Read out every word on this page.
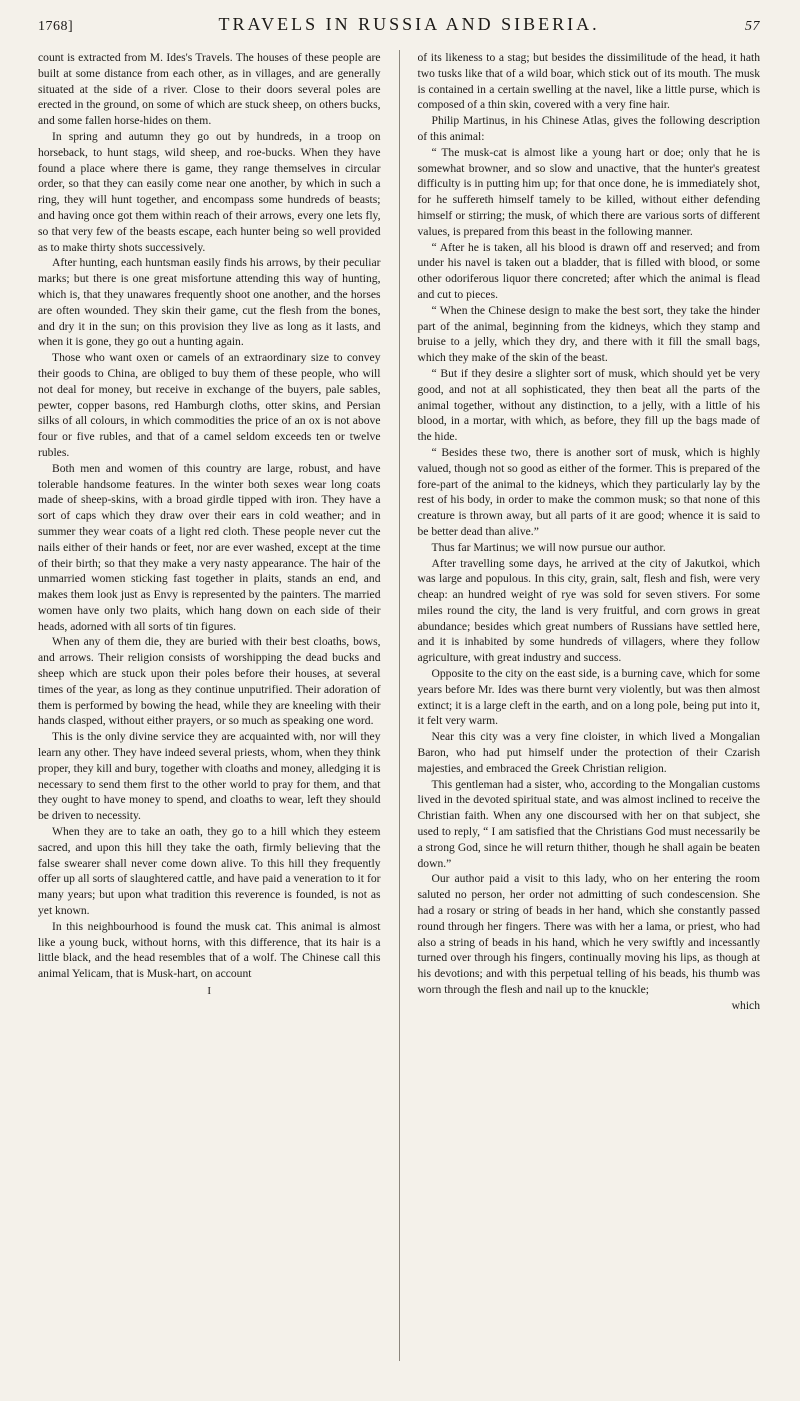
1768]	TRAVELS IN RUSSIA AND SIBERIA.	57

count is extracted from M. Ides's Travels. The houses of these people are built at some distance from each other, as in villages, and are generally situated at the side of a river. Close to their doors several poles are erected in the ground, on some of which are stuck sheep, on others bucks, and some fallen horse-hides on them.

In spring and autumn they go out by hundreds, in a troop on horseback, to hunt stags, wild sheep, and roe-bucks. When they have found a place where there is game, they range themselves in circular order, so that they can easily come near one another, by which in such a ring, they will hunt together, and encompass some hundreds of beasts; and having once got them within reach of their arrows, every one lets fly, so that very few of the beasts escape, each hunter being so well provided as to make thirty shots successively.

After hunting, each huntsman easily finds his arrows, by their peculiar marks; but there is one great misfortune attending this way of hunting, which is, that they unawares frequently shoot one another, and the horses are often wounded. They skin their game, cut the flesh from the bones, and dry it in the sun; on this provision they live as long as it lasts, and when it is gone, they go out a hunting again.

Those who want oxen or camels of an extraordinary size to convey their goods to China, are obliged to buy them of these people, who will not deal for money, but receive in exchange of the buyers, pale sables, pewter, copper basons, red Hamburgh cloths, otter skins, and Persian silks of all colours, in which commodities the price of an ox is not above four or five rubles, and that of a camel seldom exceeds ten or twelve rubles.

Both men and women of this country are large, robust, and have tolerable handsome features. In the winter both sexes wear long coats made of sheep-skins, with a broad girdle tipped with iron. They have a sort of caps which they draw over their ears in cold weather; and in summer they wear coats of a light red cloth. These people never cut the nails either of their hands or feet, nor are ever washed, except at the time of their birth; so that they make a very nasty appearance. The hair of the unmarried women sticking fast together in plaits, stands an end, and makes them look just as Envy is represented by the painters. The married women have only two plaits, which hang down on each side of their heads, adorned with all sorts of tin figures.

When any of them die, they are buried with their best cloaths, bows, and arrows. Their religion consists of worshipping the dead bucks and sheep which are stuck upon their poles before their houses, at several times of the year, as long as they continue unputrified. Their adoration of them is performed by bowing the head, while they are kneeling with their hands clasped, without either prayers, or so much as speaking one word.

This is the only divine service they are acquainted with, nor will they learn any other. They have indeed several priests, whom, when they think proper, they kill and bury, together with cloaths and money, alledging it is necessary to send them first to the other world to pray for them, and that they ought to have money to spend, and cloaths to wear, left they should be driven to necessity.

When they are to take an oath, they go to a hill which they esteem sacred, and upon this hill they take the oath, firmly believing that the false swearer shall never come down alive. To this hill they frequently offer up all sorts of slaughtered cattle, and have paid a veneration to it for many years; but upon what tradition this reverence is founded, is not as yet known.

In this neighbourhood is found the musk cat. This animal is almost like a young buck, without horns, with this difference, that its hair is a little black, and the head resembles that of a wolf. The Chinese call this animal Yelicam, that is Musk-hart, on account

I

of its likeness to a stag; but besides the dissimilitude of the head, it hath two tusks like that of a wild boar, which stick out of its mouth. The musk is contained in a certain swelling at the navel, like a little purse, which is composed of a thin skin, covered with a very fine hair.

Philip Martinus, in his Chinese Atlas, gives the following description of this animal:

“ The musk-cat is almost like a young hart or doe; only that he is somewhat browner, and so slow and unactive, that the hunter's greatest difficulty is in putting him up; for that once done, he is immediately shot, for he suffereth himself tamely to be killed, without either defending himself or stirring; the musk, of which there are various sorts of different values, is prepared from this beast in the following manner.

“ After he is taken, all his blood is drawn off and reserved; and from under his navel is taken out a bladder, that is filled with blood, or some other odoriferous liquor there concreted; after which the animal is flead and cut to pieces.

“ When the Chinese design to make the best sort, they take the hinder part of the animal, beginning from the kidneys, which they stamp and bruise to a jelly, which they dry, and there with it fill the small bags, which they make of the skin of the beast.

“ But if they desire a slighter sort of musk, which should yet be very good, and not at all sophisticated, they then beat all the parts of the animal together, without any distinction, to a jelly, with a little of his blood, in a mortar, with which, as before, they fill up the bags made of the hide.

“ Besides these two, there is another sort of musk, which is highly valued, though not so good as either of the former. This is prepared of the fore-part of the animal to the kidneys, which they particularly lay by the rest of his body, in order to make the common musk; so that none of this creature is thrown away, but all parts of it are good; whence it is said to be better dead than alive.”

Thus far Martinus; we will now pursue our author.

After travelling some days, he arrived at the city of Jakutkoi, which was large and populous. In this city, grain, salt, flesh and fish, were very cheap: an hundred weight of rye was sold for seven stivers. For some miles round the city, the land is very fruitful, and corn grows in great abundance; besides which great numbers of Russians have settled here, and it is inhabited by some hundreds of villagers, where they follow agriculture, with great industry and success.

Opposite to the city on the east side, is a burning cave, which for some years before Mr. Ides was there burnt very violently, but was then almost extinct; it is a large cleft in the earth, and on a long pole, being put into it, it felt very warm.

Near this city was a very fine cloister, in which lived a Mongalian Baron, who had put himself under the protection of their Czarish majesties, and embraced the Greek Christian religion.

This gentleman had a sister, who, according to the Mongalian customs lived in the devoted spiritual state, and was almost inclined to receive the Christian faith. When any one discoursed with her on that subject, she used to reply, “ I am satisfied that the Christians God must necessarily be a strong God, since he will return thither, though he shall again be beaten down.”

Our author paid a visit to this lady, who on her entering the room saluted no person, her order not admitting of such condescension. She had a rosary or string of beads in her hand, which she constantly passed round through her fingers. There was with her a lama, or priest, who had also a string of beads in his hand, which he very swiftly and incessantly turned over through his fingers, continually moving his lips, as though at his devotions; and with this perpetual telling of his beads, his thumb was worn through the flesh and nail up to the knuckle;

which
